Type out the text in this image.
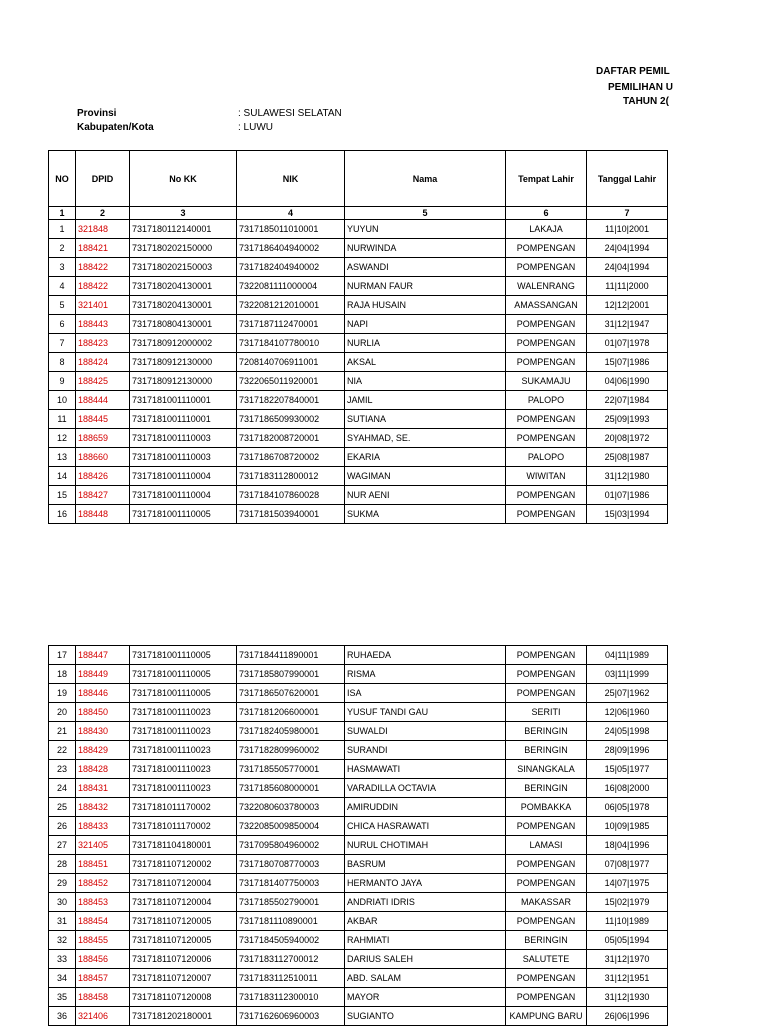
DAFTAR PEMIL
PEMILIHAN U
TAHUN 2(
Provinsi	: SULAWESI SELATAN
Kabupaten/Kota	: LUWU
NO	DPID	No KK	NIK	Nama	Tempat Lahir	Tanggal Lahir
1	2	3	4	5	6	7
1	321848	7317180112140001	7317185011010001	YUYUN	LAKAJA	11|10|2001
2	188421	7317180202150000	7317186404940002	NURWINDA	POMPENGAN	24|04|1994
3	188422	7317180202150003	7317182404940002	ASWANDI	POMPENGAN	24|04|1994
4	188422	7317180204130001	7322081111000004	NURMAN FAUR	WALENRANG	11|11|2000
5	321401	7317180204130001	7322081212010001	RAJA HUSAIN	AMASSANGAN	12|12|2001
6	188443	7317180804130001	7317187112470001	NAPI	POMPENGAN	31|12|1947
7	188423	7317180912000002	7317184107780010	NURLIA	POMPENGAN	01|07|1978
8	188424	7317180912130000	7208140706911001	AKSAL	POMPENGAN	15|07|1986
9	188425	7317180912130000	7322065011920001	NIA	SUKAMAJU	04|06|1990
10	188444	7317181001110001	7317182207840001	JAMIL	PALOPO	22|07|1984
11	188445	7317181001110001	7317186509930002	SUTIANA	POMPENGAN	25|09|1993
12	188659	7317181001110003	7317182008720001	SYAHMAD, SE.	POMPENGAN	20|08|1972
13	188660	7317181001110003	7317186708720002	EKARIA	PALOPO	25|08|1987
14	188426	7317181001110004	7317183112800012	WAGIMAN	WIWITAN	31|12|1980
15	188427	7317181001110004	7317184107860028	NUR AENI	POMPENGAN	01|07|1986
16	188448	7317181001110005	7317181503940001	SUKMA	POMPENGAN	15|03|1994
17	188447	7317181001110005	7317184411890001	RUHAEDA	POMPENGAN	04|11|1989
18	188449	7317181001110005	7317185807990001	RISMA	POMPENGAN	03|11|1999
19	188446	7317181001110005	7317186507620001	ISA	POMPENGAN	25|07|1962
20	188450	7317181001110023	7317181206600001	YUSUF TANDI GAU	SERITI	12|06|1960
21	188430	7317181001110023	7317182405980001	SUWALDI	BERINGIN	24|05|1998
22	188429	7317181001110023	7317182809960002	SURANDI	BERINGIN	28|09|1996
23	188428	7317181001110023	7317185505770001	HASMAWATI	SINANGKALA	15|05|1977
24	188431	7317181001110023	7317185608000001	VARADILLA OCTAVIA	BERINGIN	16|08|2000
25	188432	7317181011170002	7322080603780003	AMIRUDDIN	POMBAKKA	06|05|1978
26	188433	7317181011170002	7322085009850004	CHICA HASRAWATI	POMPENGAN	10|09|1985
27	321405	7317181104180001	7317095804960002	NURUL CHOTIMAH	LAMASI	18|04|1996
28	188451	7317181107120002	7317180708770003	BASRUM	POMPENGAN	07|08|1977
29	188452	7317181107120004	7317181407750003	HERMANTO JAYA	POMPENGAN	14|07|1975
30	188453	7317181107120004	7317185502790001	ANDRIATI IDRIS	MAKASSAR	15|02|1979
31	188454	7317181107120005	7317181110890001	AKBAR	POMPENGAN	11|10|1989
32	188455	7317181107120005	7317184505940002	RAHMIATI	BERINGIN	05|05|1994
33	188456	7317181107120006	7317183112700012	DARIUS SALEH	SALUTETE	31|12|1970
34	188457	7317181107120007	7317183112510011	ABD. SALAM	POMPENGAN	31|12|1951
35	188458	7317181107120008	7317183112300010	MAYOR	POMPENGAN	31|12|1930
36	321406	7317181202180001	7317162606960003	SUGIANTO	KAMPUNG BARU	26|06|1996
